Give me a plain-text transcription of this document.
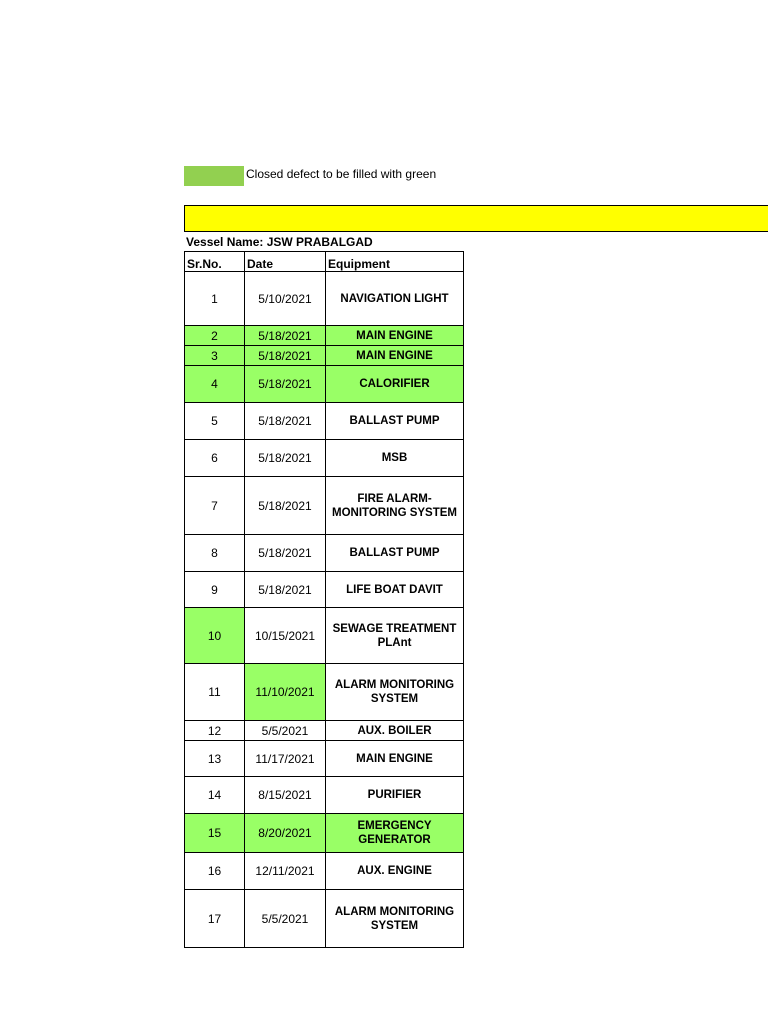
Closed defect to be filled with green
Vessel Name: JSW PRABALGAD
Sr.No.	Date	Equipment
1	5/10/2021	NAVIGATION LIGHT
2	5/18/2021	MAIN ENGINE
3	5/18/2021	MAIN ENGINE
4	5/18/2021	CALORIFIER
5	5/18/2021	BALLAST PUMP
6	5/18/2021	MSB
7	5/18/2021	FIRE ALARM-
MONITORING SYSTEM

8	5/18/2021	BALLAST PUMP
9	5/18/2021	LIFE BOAT DAVIT
10	10/15/2021	SEWAGE TREATMENT
PLAnt

11	11/10/2021	ALARM MONITORING
SYSTEM

12	5/5/2021	AUX. BOILER
13	11/17/2021	MAIN ENGINE
14	8/15/2021	PURIFIER
15	8/20/2021	EMERGENCY
GENERATOR

16	12/11/2021	AUX. ENGINE
17	5/5/2021	ALARM MONITORING
SYSTEM
